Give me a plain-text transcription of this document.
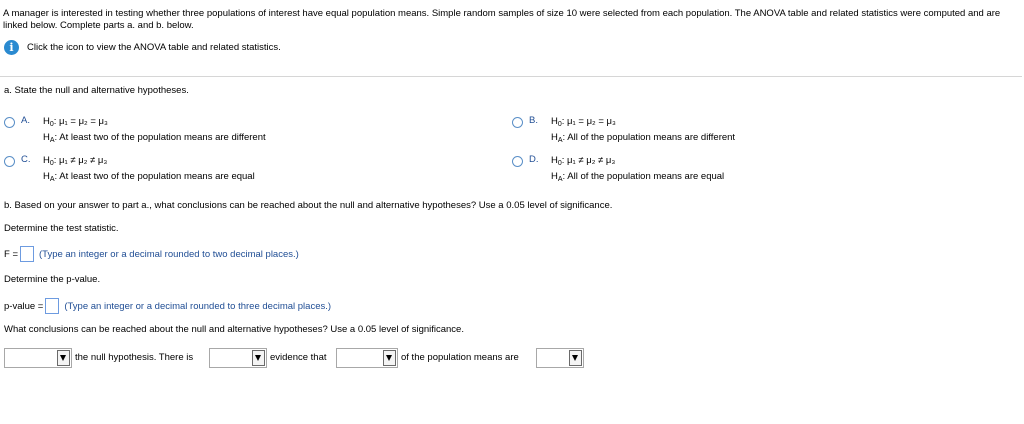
A manager is interested in testing whether three populations of interest have equal population means. Simple random samples of size 10 were selected from each population. The ANOVA table and related statistics were computed and are linked below. Complete parts a. and b. below.
i	Click the icon to view the ANOVA table and related statistics.
a. State the null and alternative hypotheses.
A.	$H_0$: μ₁ = μ₂ = μ₃
$H_A$: At least two of the population means are different
B.	$H_0$: μ₁ = μ₂ = μ₃
$H_A$: All of the population means are different
C.	$H_0$: μ₁ ≠ μ₂ ≠ μ₃
$H_A$: At least two of the population means are equal
D.	$H_0$: μ₁ ≠ μ₂ ≠ μ₃
$H_A$: All of the population means are equal
b. Based on your answer to part a., what conclusions can be reached about the null and alternative hypotheses? Use a 0.05 level of significance.
Determine the test statistic.
F = (Type an integer or a decimal rounded to two decimal places.)
Determine the p-value.
p-value = (Type an integer or a decimal rounded to three decimal places.)
What conclusions can be reached about the null and alternative hypotheses? Use a 0.05 level of significance.
the null hypothesis. There is	evidence that	of the population means are
